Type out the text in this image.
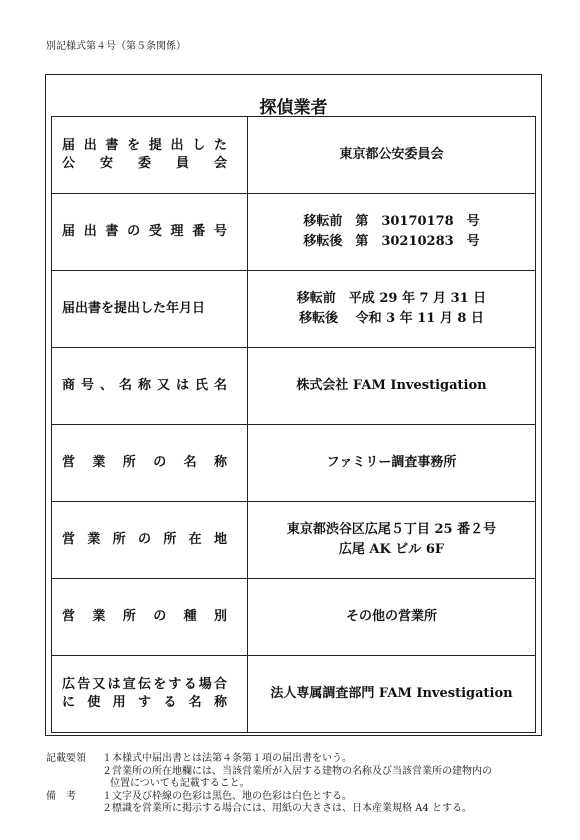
別記様式第４号（第５条関係）
探偵業者
届出書を提出した
公安委員会	東京都公安委員会

届出書の受理番号	移転前　第　30170178　号
移転後　第　30210283　号

届出書を提出した年月日	移転前　平成 29 年 7 月 31 日
移転後　 令和 3 年 11 月 8 日

商号、名称又は氏名	株式会社 FAM Investigation

営業所の名称	ファミリー調査事務所

営業所の所在地	東京都渋谷区広尾５丁目 25 番２号
広尾 AK ビル 6F

営業所の種別	その他の営業所

広告又は宣伝をする場合
に使用する名称	法人専属調査部門 FAM Investigation
記載要領 １本様式中届出書とは法第４条第１項の届出書をいう。
２営業所の所在地欄には、当該営業所が入居する建物の名称及び当該営業所の建物内の
位置についても記載すること。
備　考	１文字及び枠線の色彩は黒色、地の色彩は白色とする。
２標識を営業所に掲示する場合には、用紙の大きさは、日本産業規格 A4 とする。
